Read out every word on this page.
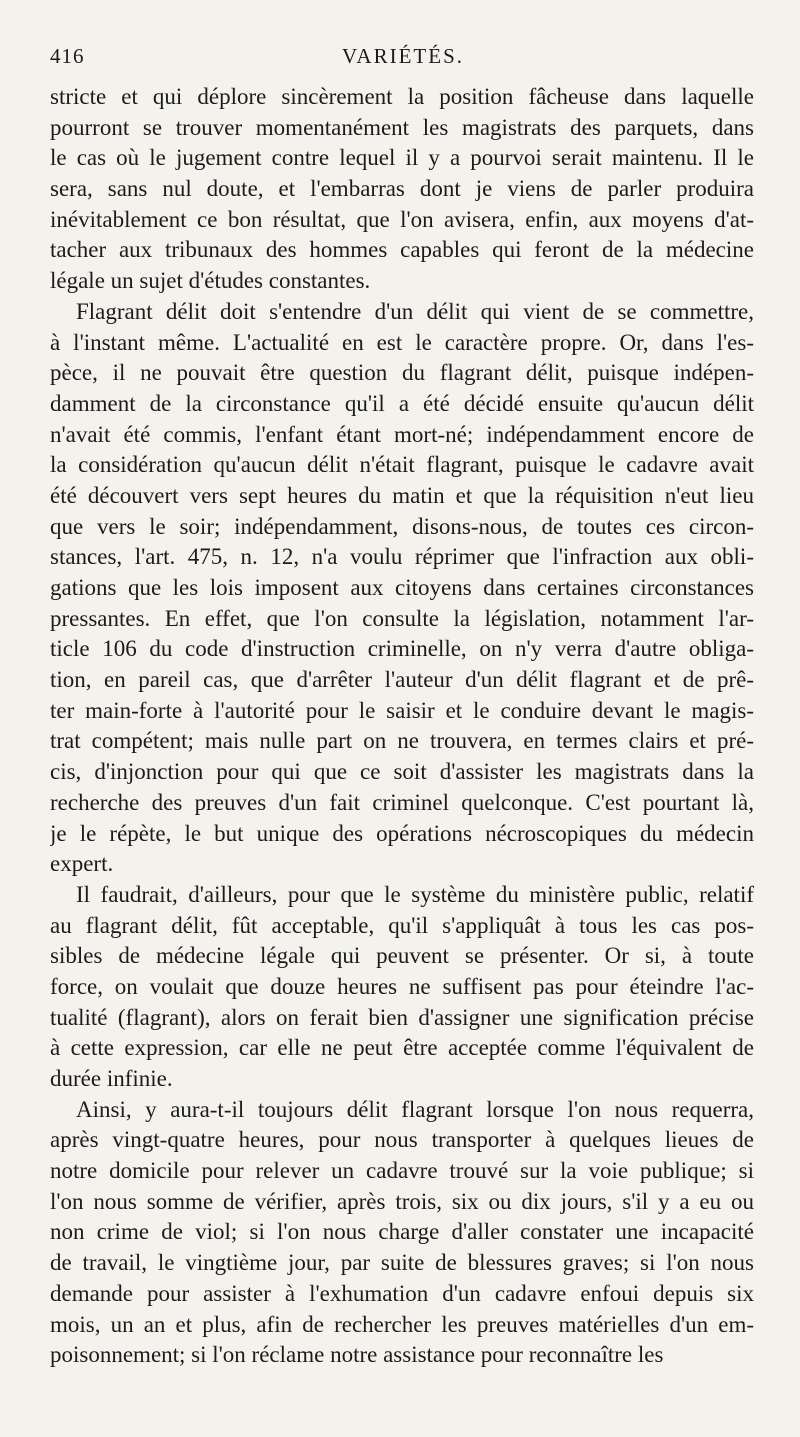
416	VARIÉTÉS.
stricte et qui déplore sincèrement la position fâcheuse dans laquelle
pourront se trouver momentanément les magistrats des parquets, dans
le cas où le jugement contre lequel il y a pourvoi serait maintenu. Il le
sera, sans nul doute, et l'embarras dont je viens de parler produira
inévitablement ce bon résultat, que l'on avisera, enfin, aux moyens d'at-
tacher aux tribunaux des hommes capables qui feront de la médecine
légale un sujet d'études constantes.
Flagrant délit doit s'entendre d'un délit qui vient de se commettre,
à l'instant même. L'actualité en est le caractère propre. Or, dans l'es-
pèce, il ne pouvait être question du flagrant délit, puisque indépen-
damment de la circonstance qu'il a été décidé ensuite qu'aucun délit
n'avait été commis, l'enfant étant mort-né; indépendamment encore de
la considération qu'aucun délit n'était flagrant, puisque le cadavre avait
été découvert vers sept heures du matin et que la réquisition n'eut lieu
que vers le soir; indépendamment, disons-nous, de toutes ces circon-
stances, l'art. 475, n. 12, n'a voulu réprimer que l'infraction aux obli-
gations que les lois imposent aux citoyens dans certaines circonstances
pressantes. En effet, que l'on consulte la législation, notamment l'ar-
ticle 106 du code d'instruction criminelle, on n'y verra d'autre obliga-
tion, en pareil cas, que d'arrêter l'auteur d'un délit flagrant et de prê-
ter main-forte à l'autorité pour le saisir et le conduire devant le magis-
trat compétent; mais nulle part on ne trouvera, en termes clairs et pré-
cis, d'injonction pour qui que ce soit d'assister les magistrats dans la
recherche des preuves d'un fait criminel quelconque. C'est pourtant là,
je le répète, le but unique des opérations nécroscopiques du médecin
expert.
Il faudrait, d'ailleurs, pour que le système du ministère public, relatif
au flagrant délit, fût acceptable, qu'il s'appliquât à tous les cas pos-
sibles de médecine légale qui peuvent se présenter. Or si, à toute
force, on voulait que douze heures ne suffisent pas pour éteindre l'ac-
tualité (flagrant), alors on ferait bien d'assigner une signification précise
à cette expression, car elle ne peut être acceptée comme l'équivalent de
durée infinie.
Ainsi, y aura-t-il toujours délit flagrant lorsque l'on nous requerra,
après vingt-quatre heures, pour nous transporter à quelques lieues de
notre domicile pour relever un cadavre trouvé sur la voie publique; si
l'on nous somme de vérifier, après trois, six ou dix jours, s'il y a eu ou
non crime de viol; si l'on nous charge d'aller constater une incapacité
de travail, le vingtième jour, par suite de blessures graves; si l'on nous
demande pour assister à l'exhumation d'un cadavre enfoui depuis six
mois, un an et plus, afin de rechercher les preuves matérielles d'un em-
poisonnement; si l'on réclame notre assistance pour reconnaître les
